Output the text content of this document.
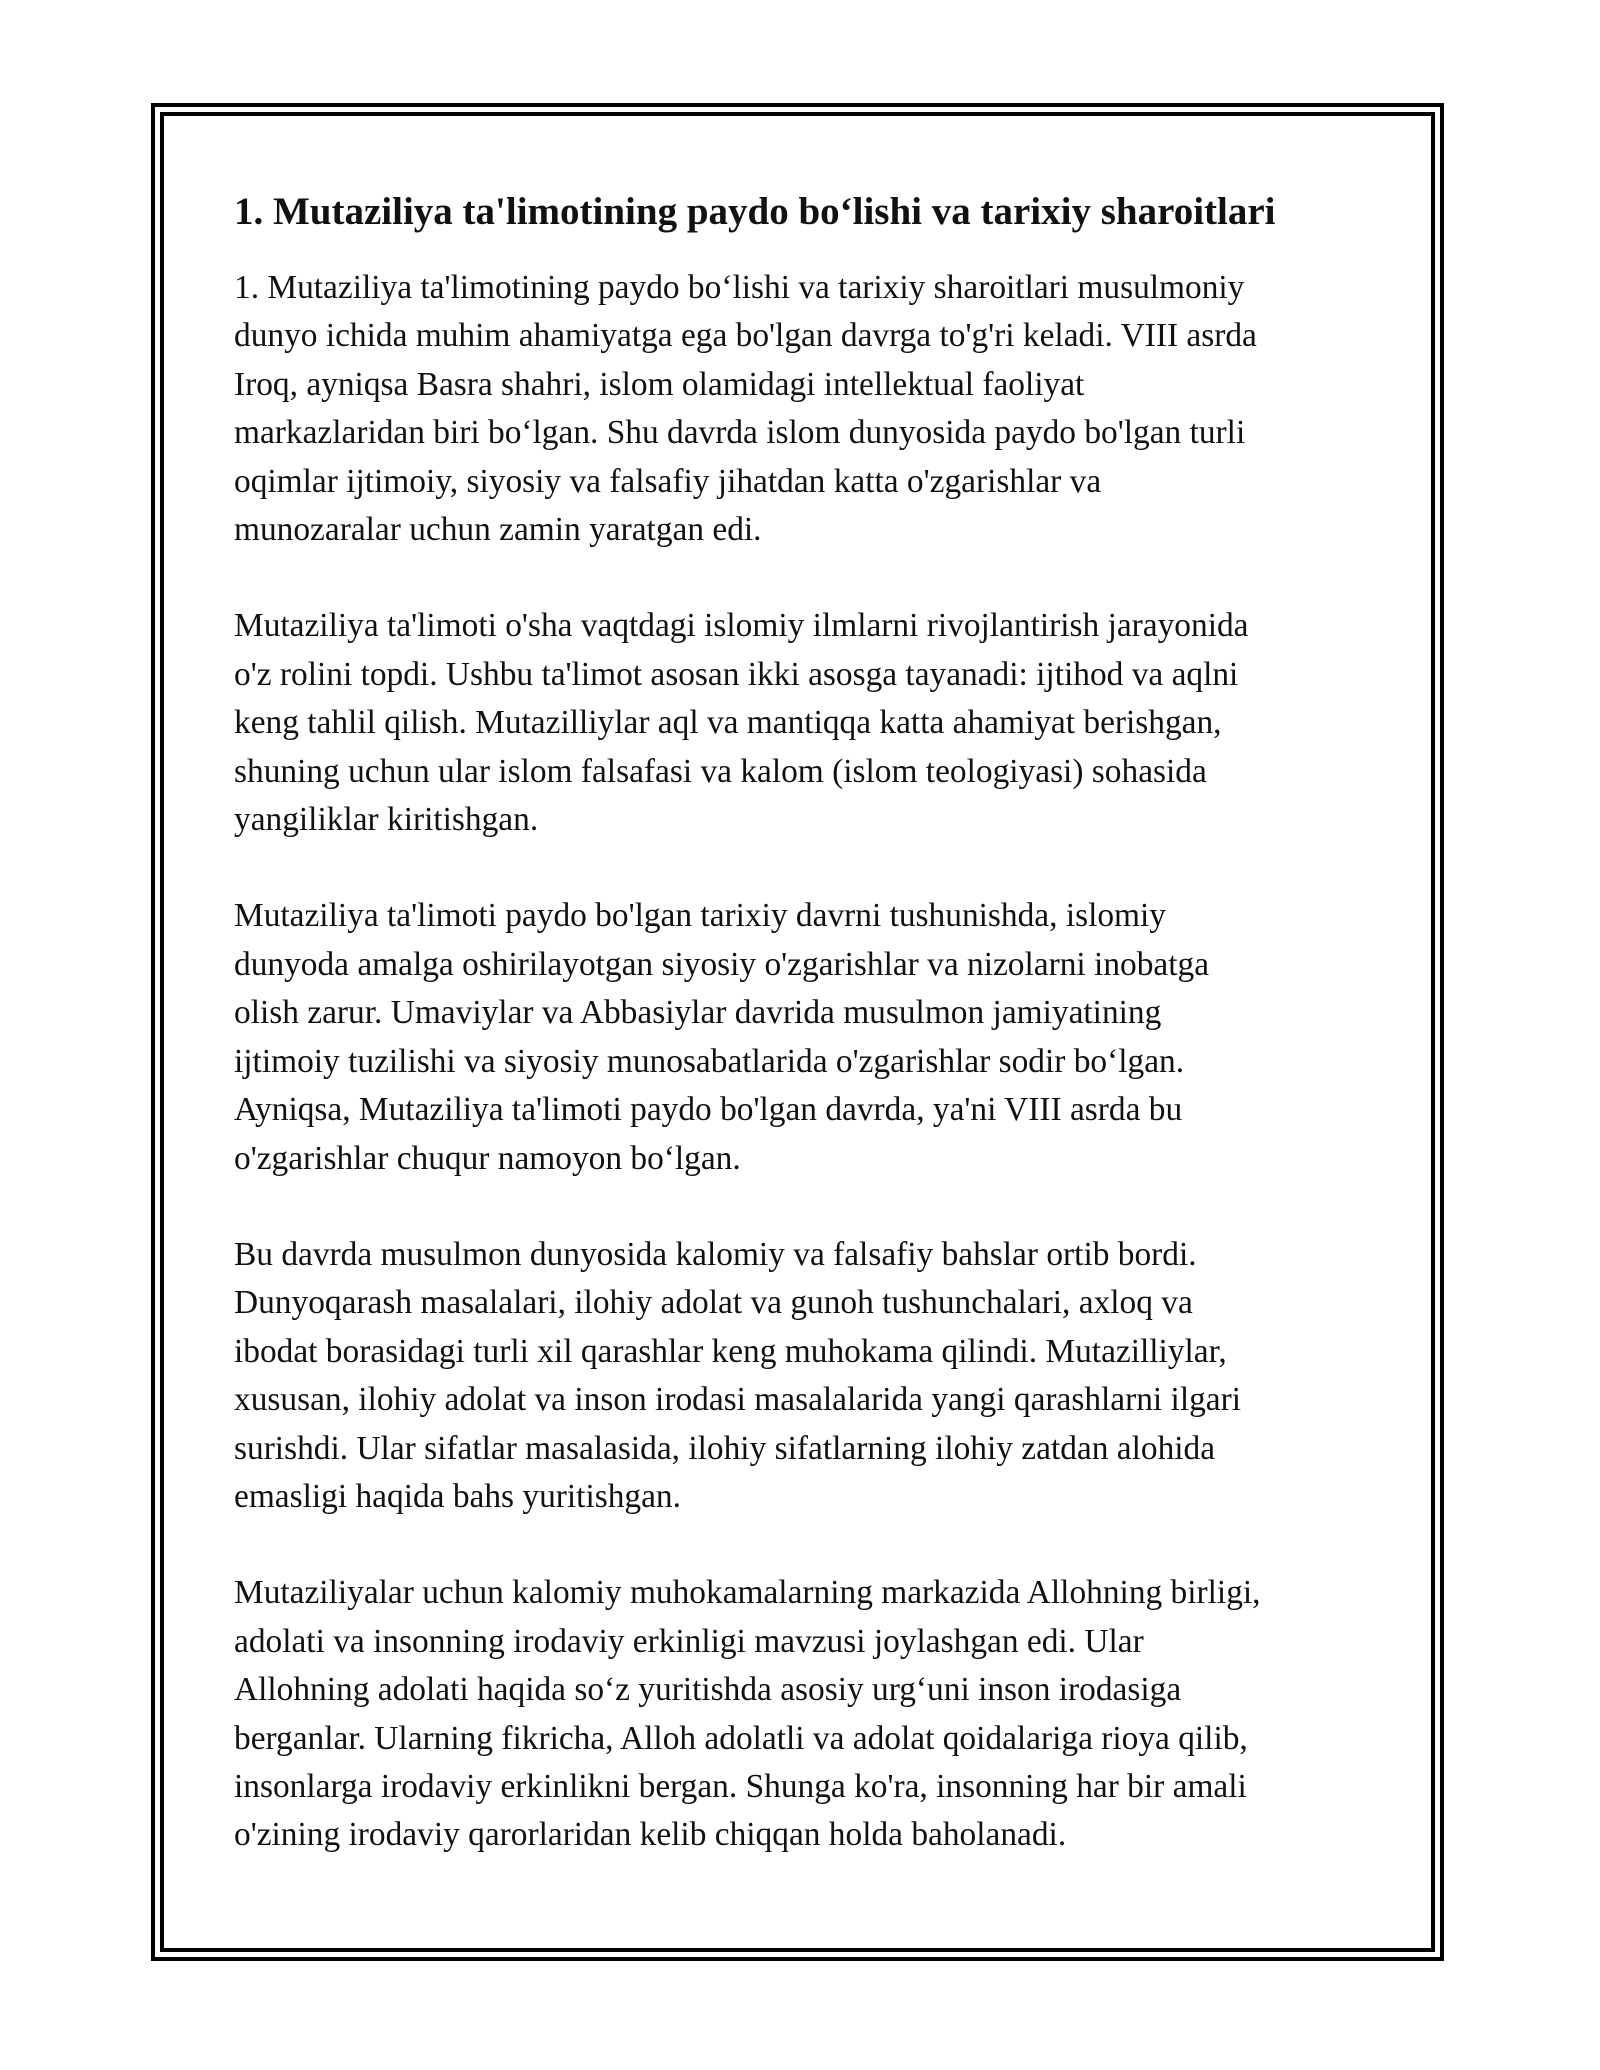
1. Mutaziliya ta'limotining paydo bo‘lishi va tarixiy sharoitlari

1. Mutaziliya ta'limotining paydo bo‘lishi va tarixiy sharoitlari musulmoniy
dunyo ichida muhim ahamiyatga ega bo'lgan davrga to'g'ri keladi. VIII asrda
Iroq, ayniqsa Basra shahri, islom olamidagi intellektual faoliyat
markazlaridan biri bo‘lgan. Shu davrda islom dunyosida paydo bo'lgan turli
oqimlar ijtimoiy, siyosiy va falsafiy jihatdan katta o'zgarishlar va
munozaralar uchun zamin yaratgan edi.

Mutaziliya ta'limoti o'sha vaqtdagi islomiy ilmlarni rivojlantirish jarayonida
o'z rolini topdi. Ushbu ta'limot asosan ikki asosga tayanadi: ijtihod va aqlni
keng tahlil qilish. Mutazilliylar aql va mantiqqa katta ahamiyat berishgan,
shuning uchun ular islom falsafasi va kalom (islom teologiyasi) sohasida
yangiliklar kiritishgan.

Mutaziliya ta'limoti paydo bo'lgan tarixiy davrni tushunishda, islomiy
dunyoda amalga oshirilayotgan siyosiy o'zgarishlar va nizolarni inobatga
olish zarur. Umaviylar va Abbasiylar davrida musulmon jamiyatining
ijtimoiy tuzilishi va siyosiy munosabatlarida o'zgarishlar sodir bo‘lgan.
Ayniqsa, Mutaziliya ta'limoti paydo bo'lgan davrda, ya'ni VIII asrda bu
o'zgarishlar chuqur namoyon bo‘lgan.

Bu davrda musulmon dunyosida kalomiy va falsafiy bahslar ortib bordi.
Dunyoqarash masalalari, ilohiy adolat va gunoh tushunchalari, axloq va
ibodat borasidagi turli xil qarashlar keng muhokama qilindi. Mutazilliylar,
xususan, ilohiy adolat va inson irodasi masalalarida yangi qarashlarni ilgari
surishdi. Ular sifatlar masalasida, ilohiy sifatlarning ilohiy zatdan alohida
emasligi haqida bahs yuritishgan.

Mutaziliyalar uchun kalomiy muhokamalarning markazida Allohning birligi,
adolati va insonning irodaviy erkinligi mavzusi joylashgan edi. Ular
Allohning adolati haqida so‘z yuritishda asosiy urg‘uni inson irodasiga
berganlar. Ularning fikricha, Alloh adolatli va adolat qoidalariga rioya qilib,
insonlarga irodaviy erkinlikni bergan. Shunga ko'ra, insonning har bir amali
o'zining irodaviy qarorlaridan kelib chiqqan holda baholanadi.
